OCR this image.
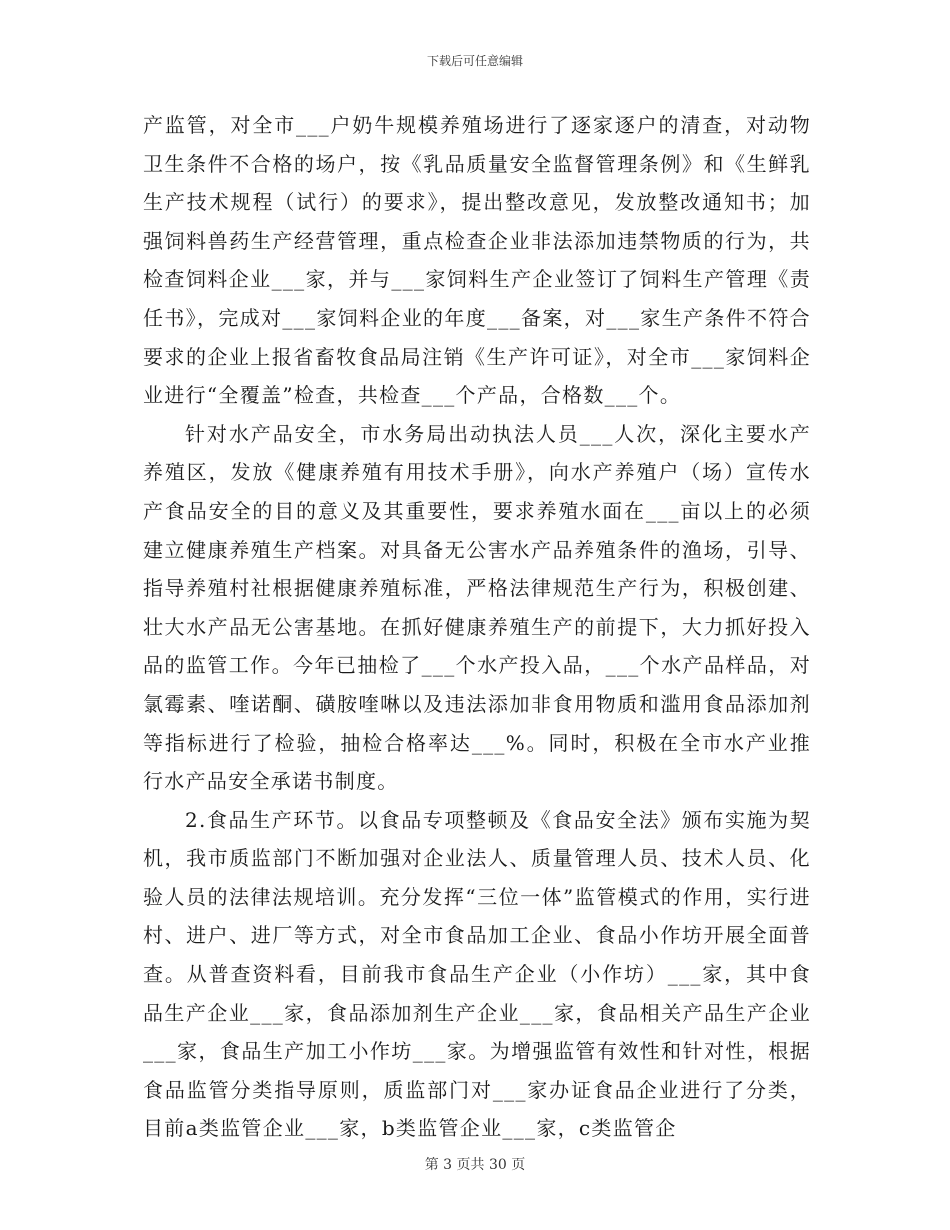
下载后可任意编辑

产监管，对全市___户奶牛规模养殖场进行了逐家逐户的清查，对动物卫生条件不合格的场户，按《乳品质量安全监督管理条例》和《生鲜乳生产技术规程（试行）的要求》，提出整改意见，发放整改通知书；加强饲料兽药生产经营管理，重点检查企业非法添加违禁物质的行为，共检查饲料企业___家，并与___家饲料生产企业签订了饲料生产管理《责任书》，完成对___家饲料企业的年度___备案，对___家生产条件不符合要求的企业上报省畜牧食品局注销《生产许可证》，对全市___家饲料企业进行“全覆盖”检查，共检查___个产品，合格数___个。

针对水产品安全，市水务局出动执法人员___人次，深化主要水产养殖区，发放《健康养殖有用技术手册》，向水产养殖户（场）宣传水产食品安全的目的意义及其重要性，要求养殖水面在___亩以上的必须建立健康养殖生产档案。对具备无公害水产品养殖条件的渔场，引导、指导养殖村社根据健康养殖标准，严格法律规范生产行为，积极创建、壮大水产品无公害基地。在抓好健康养殖生产的前提下，大力抓好投入品的监管工作。今年已抽检了___个水产投入品，___个水产品样品，对氯霉素、喹诺酮、磺胺喹啉以及违法添加非食用物质和滥用食品添加剂等指标进行了检验，抽检合格率达___%。同时，积极在全市水产业推行水产品安全承诺书制度。

2.食品生产环节。以食品专项整顿及《食品安全法》颁布实施为契机，我市质监部门不断加强对企业法人、质量管理人员、技术人员、化验人员的法律法规培训。充分发挥“三位一体”监管模式的作用，实行进村、进户、进厂等方式，对全市食品加工企业、食品小作坊开展全面普查。从普查资料看，目前我市食品生产企业（小作坊）___家，其中食品生产企业___家，食品添加剂生产企业___家，食品相关产品生产企业___家，食品生产加工小作坊___家。为增强监管有效性和针对性，根据食品监管分类指导原则，质监部门对___家办证食品企业进行了分类，目前a类监管企业___家，b类监管企业___家，c类监管企

第 3 页共 30 页
